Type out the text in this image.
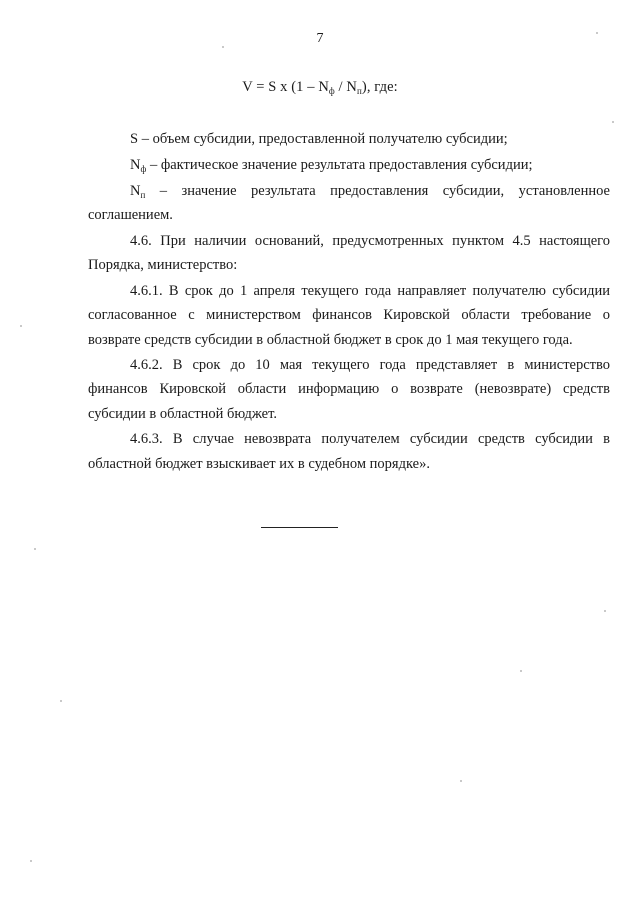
7
V = S x $(1 - N_ф / N_п)$, где:
S – объем субсидии, предоставленной получателю субсидии;
$N_ф$ – фактическое значение результата предоставления субсидии;
$N_п$ – значение результата предоставления субсидии, установленное
соглашением.
4.6. При наличии оснований, предусмотренных пунктом 4.5 настоящего
Порядка, министерство:
4.6.1. В срок до 1 апреля текущего года направляет получателю субсидии
согласованное с министерством финансов Кировской области требование о
возврате средств субсидии в областной бюджет в срок до 1 мая текущего года.
4.6.2. В срок до 10 мая текущего года представляет в министерство
финансов Кировской области информацию о возврате (невозврате) средств
субсидии в областной бюджет.
4.6.3. В случае невозврата получателем субсидии средств субсидии в
областной бюджет взыскивает их в судебном порядке».
